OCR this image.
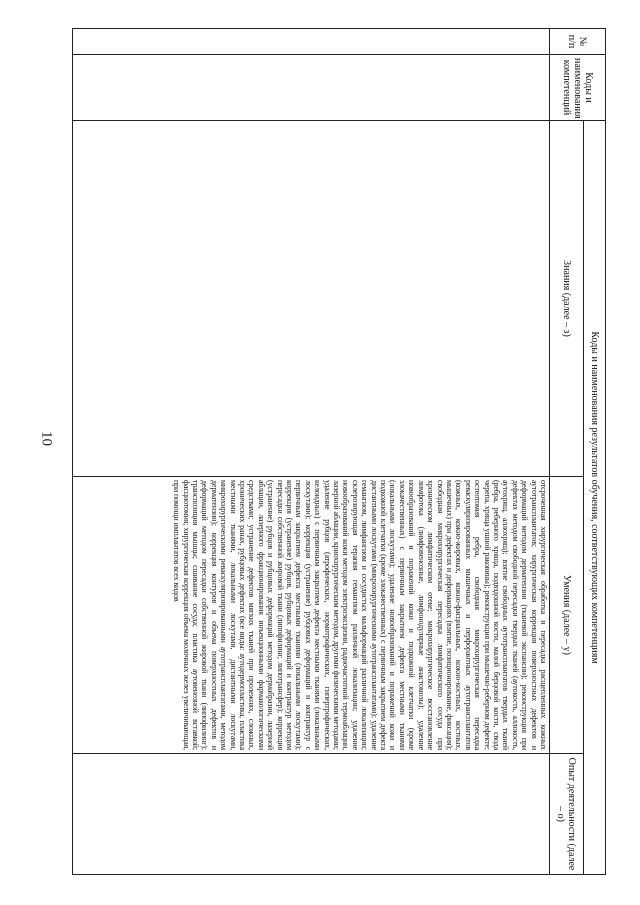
10
№ п/п	Коды и наименования компетенций	Коды и наименования результатов обучения, соответствующих компетенциям		
		Знания (далее – з)	Умения (далее – у)	Опыт деятельности (далее – о)

			отсроченная хирургическая обработка и пересадка расщепленных кожных аутотрансплантатов; хирургическая коррекция поверхностных дефектов и деформаций методом дерматензии (тканевой экспансии); реконструкция при дефектах методом свободной пересадки твердых тканей (аутокость, аллокость, аутохрящ, аллохрящ); взятие свободных аутотрансплантатов твердых тканей (ребра, реберного хряща, подвздошной кости, малой берцовой кости, свода черепа, хряща ушной раковины); реконструкция при мышечно-реберном дефекте; остеотомия ребра, свободная микрохирургическая пересадка реваскуляризированных мышечных и перфорантных аутотрансплантатов (кожных, кожно-жировых, кожно-фасциальных, кожно-костных, костных, мышечных) при дефектах и деформациях (взятие, позиционирование, фиксация); свободная микрохирургическая пересадка лимфатического сосуда при хроническом лимфатическом отеке; микрохирургическое восстановление лимфотока (лимфовенозные, лимфонодулярные анастомозы); удаление новообразований и поражений кожи и подкожной клетчатки (кроме злокачественных) с первичным закрытием дефекта местными тканями (локальными лоскутами); удаление новообразований и поражений кожи и подкожной клетчатки (кроме злокачественных) с первичным закрытием дефекта дистантными лоскутами (микрохирургическими аутотрансплантатами); удаление гемангиом, лимфангиом и сосудистых мальформаций различной локализации; склерозирующая терапия гемангиом различной локализации; удаление новообразований кожи методом электроэксцизии, радиочастотной термоаблации, лазерной аблации, криохирургическим методом, другими физическими методами; удаление рубцов (атрофических, нормотрофических, гипертрофических, келоидных) с первичным закрытием дефекта местными тканями (локальными лоскутами); коррекция (устранение) рубцовых деформаций и контрактур с первичным закрытием дефекта местными тканями (локальными лоскутами); коррекция (устранение) рубцов, рубцовых деформаций и контрактур методом пересадки собственной жировой ткани (липофилинг, липотрансфер); коррекция (устранение) рубцов и рубцовых деформаций методом дермабразии, лазерной аблации, лазерного фракционирования инъекционными фармакологическими средствами; устранение дефектов мягких тканей при пролежнях, сложных, хронических ранах, рубцовых дефектах (все виды: аутодермопластика, пластика местными тканями, локальными лоскутами, дистантными лоскутами, микрохирургическими реваскуляризированными аутотрансплантатами, методом дерматензии); коррекция контуров и объема поверхностных дефектов и деформаций методом пересадки собственной жировой ткани (липофилинг); транспозиция мышцы; сшивание сосуда; пластика аутовенозной вставкой; фасциотомия; хирургическая коррекция объема молочных желез увеличивающая, при помощи имплантатов всех видов	
